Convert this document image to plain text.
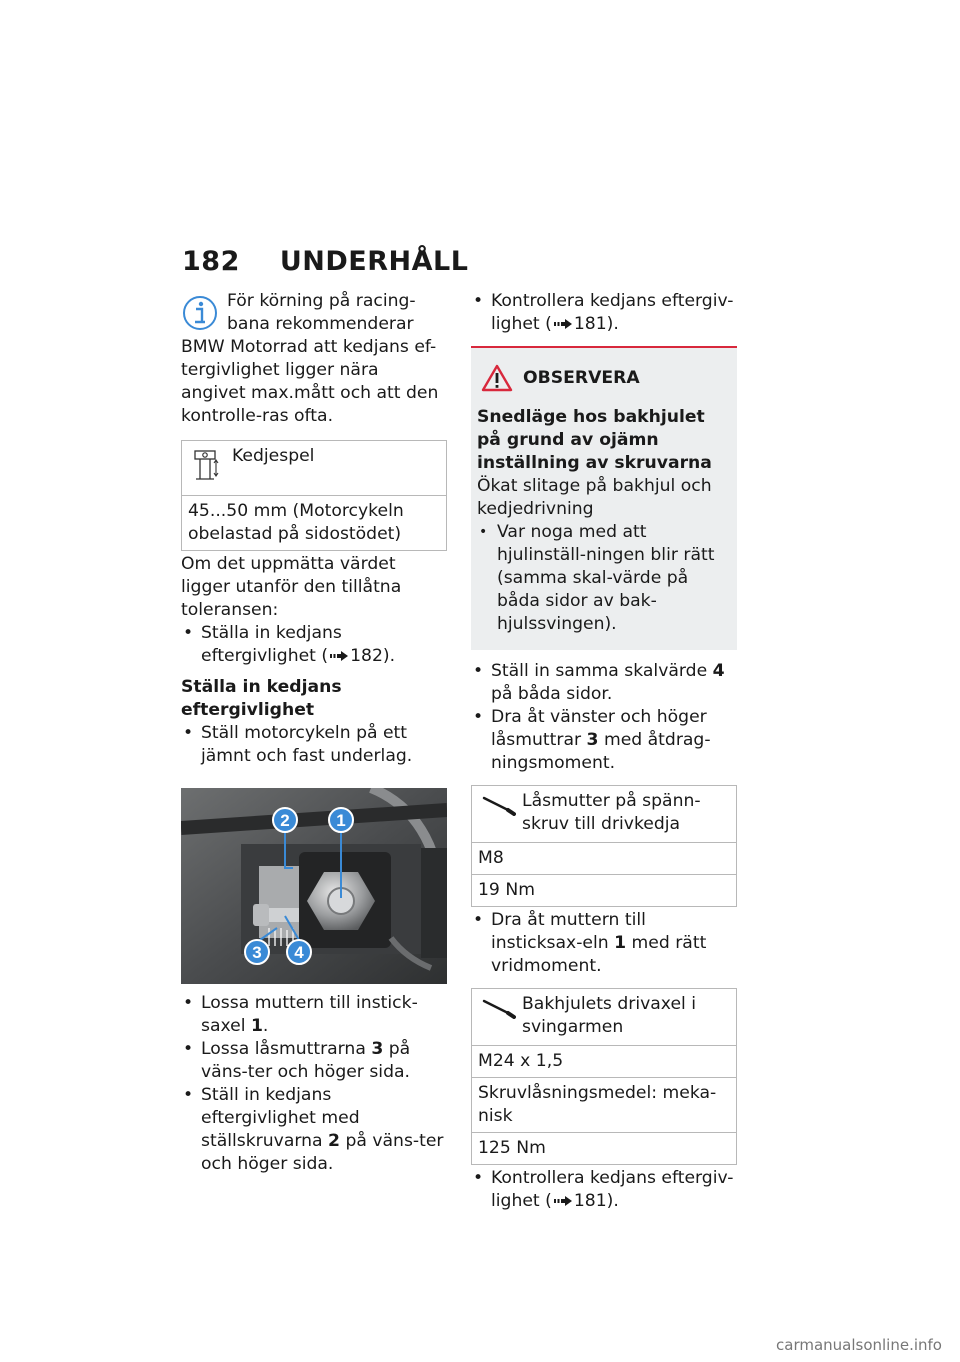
182 UNDERHÅLL

För körning på racing-

bana rekommenderar

BMW Motorrad att kedjans ef-tergivlighet ligger nära angivet max.mått och att den kontrolle-ras ofta.

Kedjespel
45...50 mm (Motorcykeln obelastad på sidostödet)

Om det uppmätta värdet ligger utanför den tillåtna toleransen:

• Ställa in kedjans eftergivlighet ( 182).

Ställa in kedjans eftergivlighet

• Ställ motorcykeln på ett jämnt och fast underlag.
2	1
3 4
• Lossa muttern till instick-saxel 1.
• Lossa låsmuttrarna 3 på väns-ter och höger sida.
• Ställ in kedjans eftergivlighet med ställskruvarna 2 på väns-ter och höger sida.
• Kontrollera kedjans eftergiv-lighet ( 181).
OBSERVERA

Snedläge hos bakhjulet på grund av ojämn inställning av skruvarna

Ökat slitage på bakhjul och kedjedrivning

• Var noga med att hjulinställ-ningen blir rätt (samma skal-värde på båda sidor av bak-hjulssvingen).
• Ställ in samma skalvärde 4 på båda sidor.
• Dra åt vänster och höger låsmuttrar 3 med åtdrag-ningsmoment.
Låsmutter på spänn-skruv till drivkedja
M8
19 Nm
• Dra åt muttern till insticksax-eln 1 med rätt vridmoment.
Bakhjulets drivaxel i svingarmen
M24 x 1,5
Skruvlåsningsmedel: meka-nisk
125 Nm
• Kontrollera kedjans eftergiv-lighet ( 181).
carmanualsonline.info
